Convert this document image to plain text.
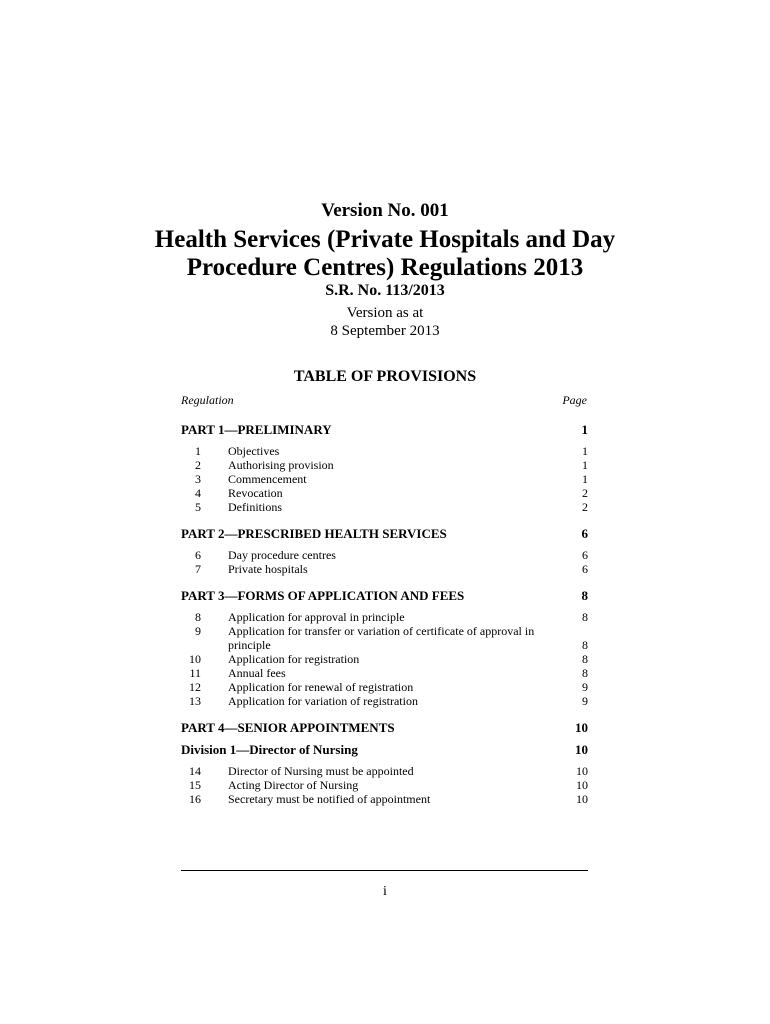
Version No. 001
Health Services (Private Hospitals and Day
Procedure Centres) Regulations 2013
S.R. No. 113/2013
Version as at
8 September 2013
TABLE OF PROVISIONS
Regulation	Page
PART 1—PRELIMINARY	1
1 Objectives	1
2 Authorising provision	1
3 Commencement	1
4 Revocation	2
5 Definitions	2
PART 2—PRESCRIBED HEALTH SERVICES	6
6 Day procedure centres	6
7 Private hospitals	6
PART 3—FORMS OF APPLICATION AND FEES	8
8 Application for approval in principle	8
9 Application for transfer or variation of certificate of approval in principle	8
10 Application for registration	8
11 Annual fees	8
12 Application for renewal of registration	9
13 Application for variation of registration	9
PART 4—SENIOR APPOINTMENTS	10
Division 1—Director of Nursing	10
14 Director of Nursing must be appointed	10
15 Acting Director of Nursing	10
16 Secretary must be notified of appointment	10
i
